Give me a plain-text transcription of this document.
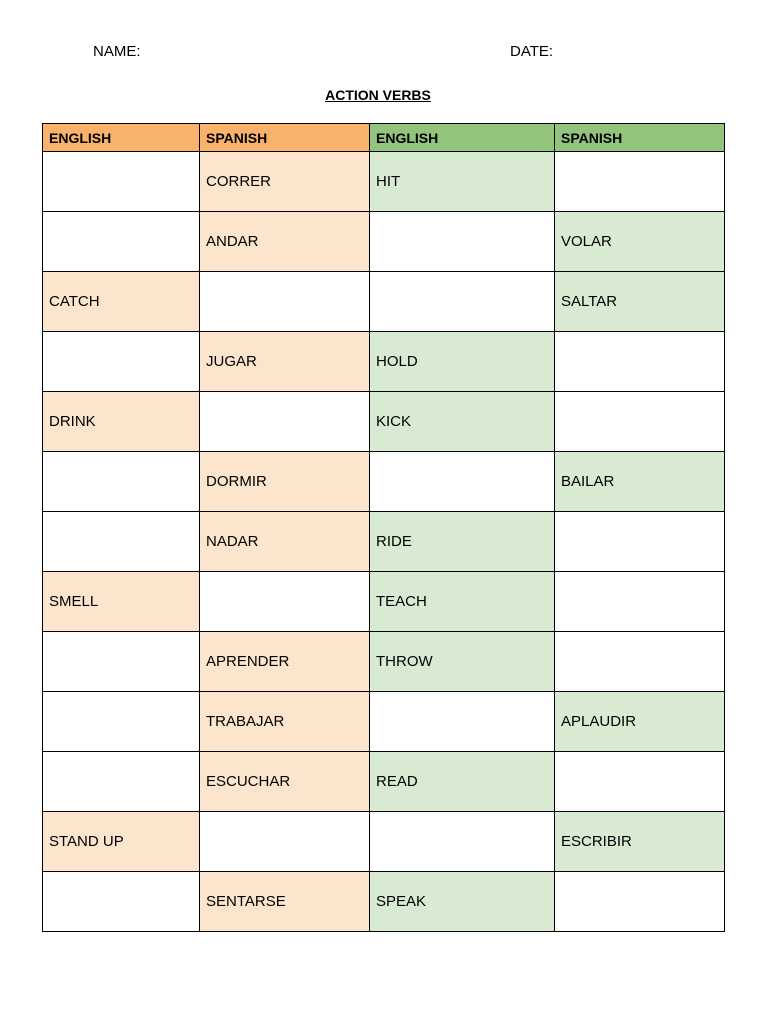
NAME:	DATE:
ACTION VERBS
ENGLISH	SPANISH	ENGLISH	SPANISH
	CORRER	HIT	
	ANDAR		VOLAR
CATCH			SALTAR
	JUGAR	HOLD	
DRINK		KICK	
	DORMIR		BAILAR
	NADAR	RIDE	
SMELL		TEACH	
	APRENDER	THROW	
	TRABAJAR		APLAUDIR
	ESCUCHAR	READ	
STAND UP			ESCRIBIR
	SENTARSE	SPEAK	
